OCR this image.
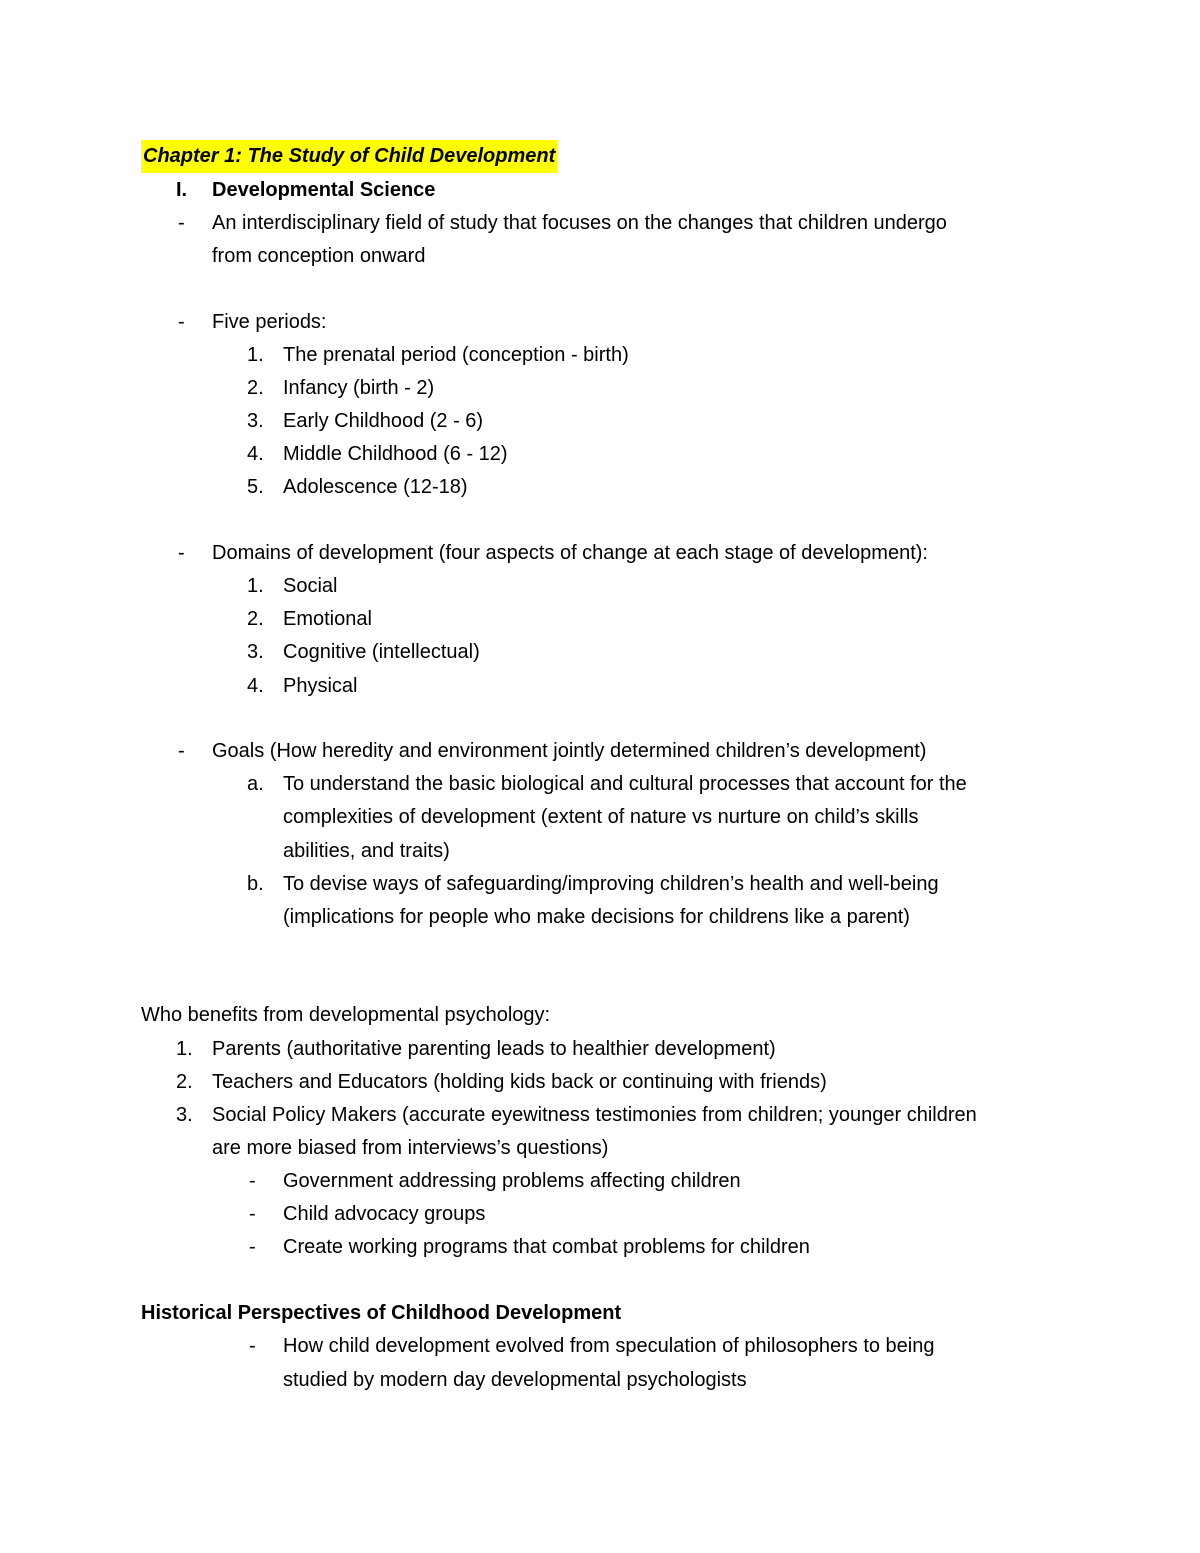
Chapter 1: The Study of Child Development
I. Developmental Science
- An interdisciplinary field of study that focuses on the changes that children undergo
from conception onward
- Five periods:
1. The prenatal period (conception - birth)
2. Infancy (birth - 2)
3. Early Childhood (2 - 6)
4. Middle Childhood (6 - 12)
5. Adolescence (12-18)
- Domains of development (four aspects of change at each stage of development):
1. Social
2. Emotional
3. Cognitive (intellectual)
4. Physical
- Goals (How heredity and environment jointly determined children’s development)
a. To understand the basic biological and cultural processes that account for the
complexities of development (extent of nature vs nurture on child’s skills
abilities, and traits)
b. To devise ways of safeguarding/improving children’s health and well-being
(implications for people who make decisions for childrens like a parent)
Who benefits from developmental psychology:
1. Parents (authoritative parenting leads to healthier development)
2. Teachers and Educators (holding kids back or continuing with friends)
3. Social Policy Makers (accurate eyewitness testimonies from children; younger children
are more biased from interviews’s questions)
- Government addressing problems affecting children
- Child advocacy groups
- Create working programs that combat problems for children
Historical Perspectives of Childhood Development
- How child development evolved from speculation of philosophers to being
studied by modern day developmental psychologists
